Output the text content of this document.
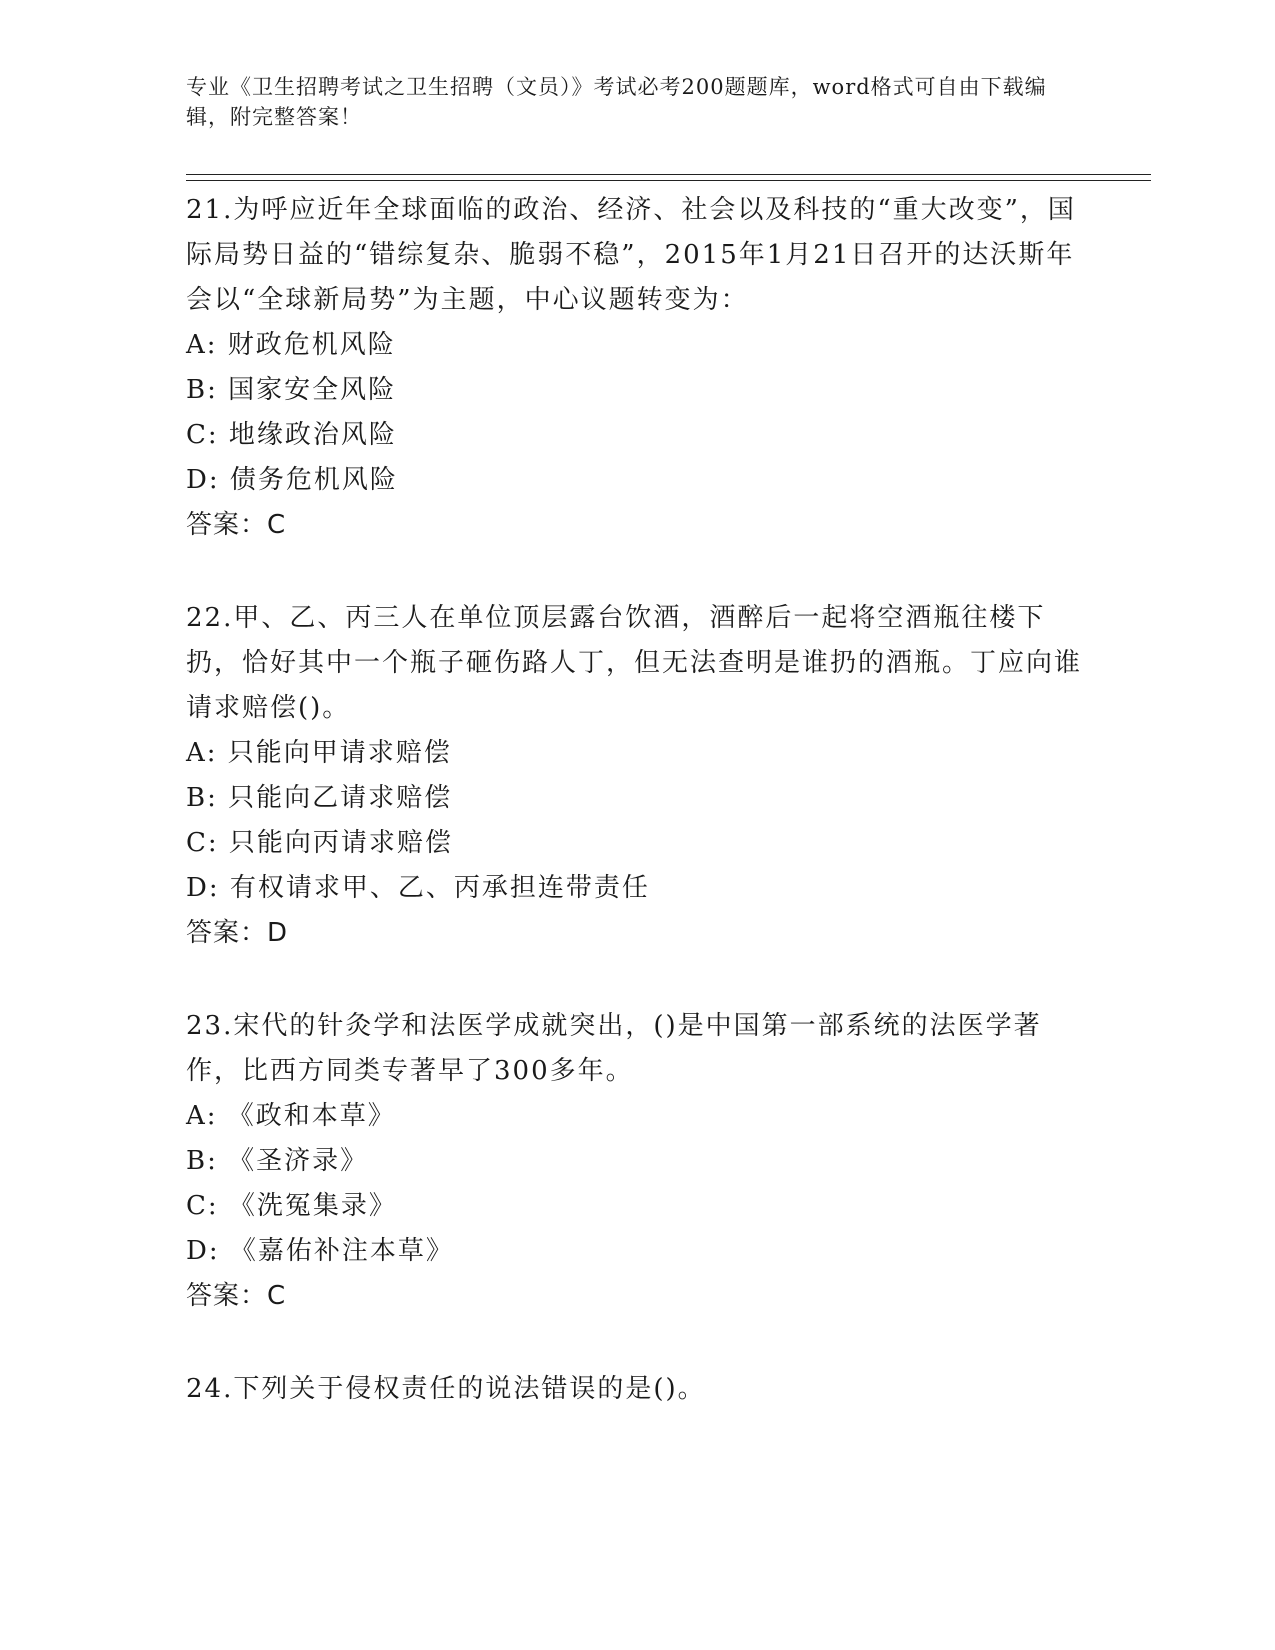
专业《卫生招聘考试之卫生招聘（文员）》考试必考200题题库，word格式可自由下载编辑，附完整答案！
21.为呼应近年全球面临的政治、经济、社会以及科技的“重大改变”，国际局势日益的“错综复杂、脆弱不稳”，2015年1月21日召开的达沃斯年会以“全球新局势”为主题，中心议题转变为：
A: 财政危机风险
B: 国家安全风险
C: 地缘政治风险
D: 债务危机风险
答案：C
22.甲、乙、丙三人在单位顶层露台饮酒，酒醉后一起将空酒瓶往楼下扔，恰好其中一个瓶子砸伤路人丁，但无法查明是谁扔的酒瓶。丁应向谁请求赔偿()。
A: 只能向甲请求赔偿
B: 只能向乙请求赔偿
C: 只能向丙请求赔偿
D: 有权请求甲、乙、丙承担连带责任
答案：D
23.宋代的针灸学和法医学成就突出，()是中国第一部系统的法医学著作，比西方同类专著早了300多年。
A: 《政和本草》
B: 《圣济录》
C: 《洗冤集录》
D: 《嘉佑补注本草》
答案：C
24.下列关于侵权责任的说法错误的是()。
